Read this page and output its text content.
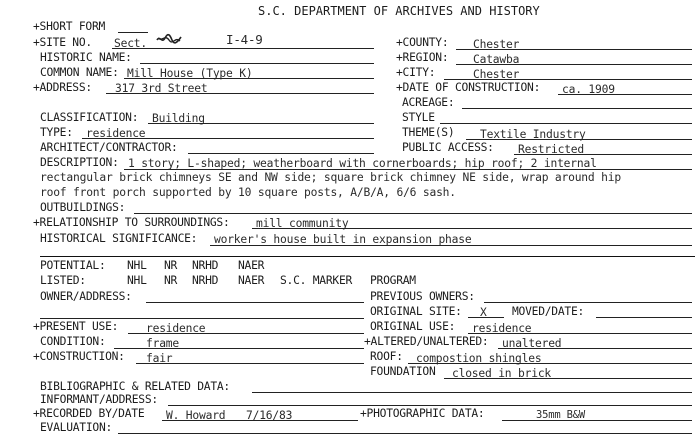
S.C. DEPARTMENT OF ARCHIVES AND HISTORY
+SHORT FORM
+SITE NO. Sect.	I-4-9	+COUNTY: Chester
HISTORIC NAME:	+REGION: Catawba
COMMON NAME: Mill House (Type K)	+CITY:	Chester
+ADDRESS: 317 3rd Street	+DATE OF CONSTRUCTION: ca. 1909
ACREAGE:
CLASSIFICATION: Building	STYLE
TYPE: residence	THEME(S) Textile Industry
ARCHITECT/CONTRACTOR:	PUBLIC ACCESS: Restricted
DESCRIPTION: 1 story; L-shaped; weatherboard with cornerboards; hip roof; 2 internal
rectangular brick chimneys SE and NW side; square brick chimney NE side, wrap around hip
roof front porch supported by 10 square posts, A/B/A, 6/6 sash.
OUTBUILDINGS:
+RELATIONSHIP TO SURROUNDINGS: mill community
HISTORICAL SIGNIFICANCE: worker's house built in expansion phase
POTENTIAL: NHL NR NRHD NAER
LISTED:	NHL NR NRHD NAER S.C. MARKER PROGRAM
OWNER/ADDRESS:	PREVIOUS OWNERS:
ORIGINAL SITE: X MOVED/DATE:
+PRESENT USE: residence	ORIGINAL USE: residence
CONDITION:	frame	+ALTERED/UNALTERED: unaltered
+CONSTRUCTION: fair	ROOF: compostion shingles
FOUNDATION closed in brick
BIBLIOGRAPHIC & RELATED DATA:
INFORMANT/ADDRESS:
+RECORDED BY/DATE W. Howard 7/16/83	+PHOTOGRAPHIC DATA:	35mm B&W
EVALUATION:
